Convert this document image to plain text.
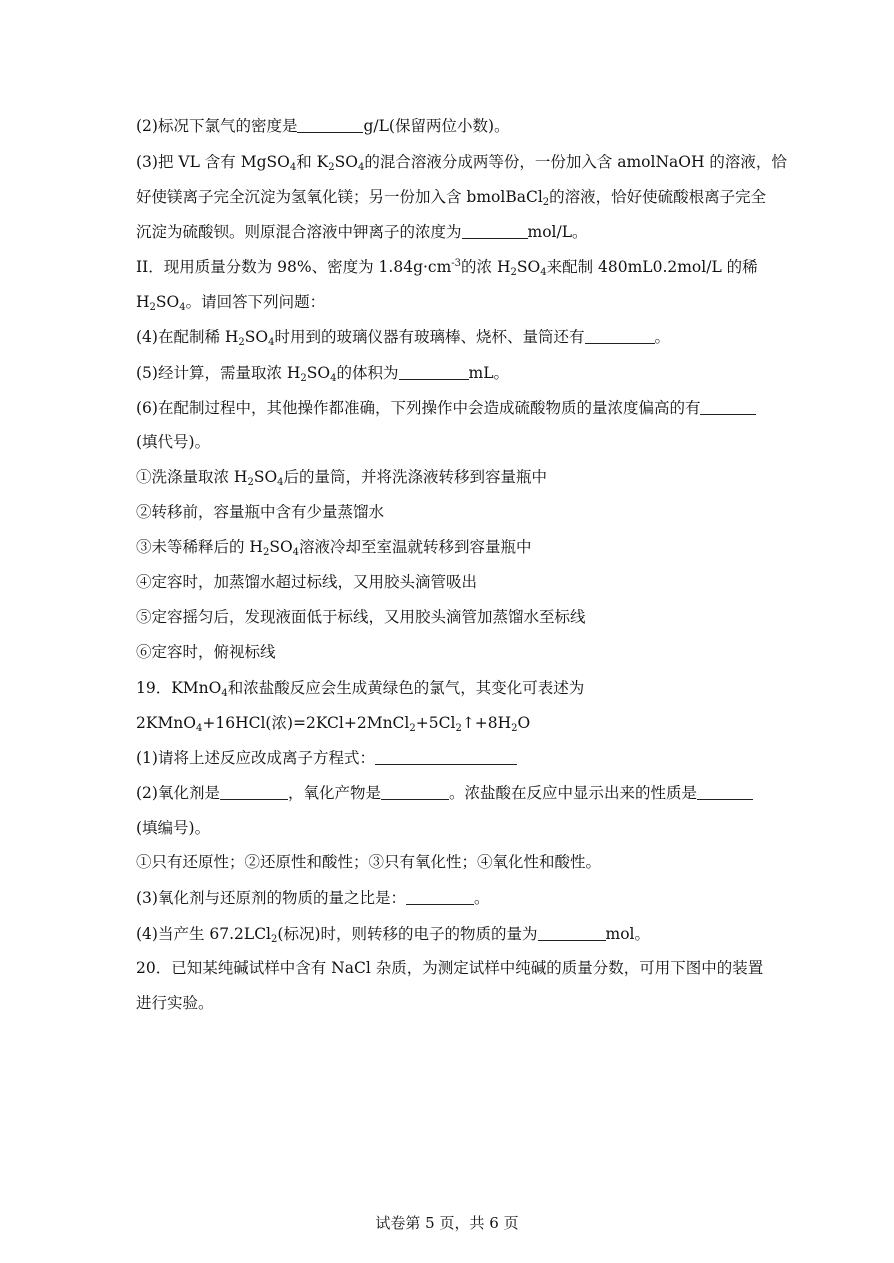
(2)标况下氯气的密度是	g/L(保留两位小数)。
(3)把 VL 含有 MgSO$_4$和 $K_2SO_4$的混合溶液分成两等份，一份加入含 amolNaOH 的溶液，恰
好使镁离子完全沉淀为氢氧化镁；另一份加入含 bmolBaCl$_2$的溶液，恰好使硫酸根离子完全
沉淀为硫酸钡。则原混合溶液中钾离子的浓度为	mol/L。
II．现用质量分数为 98%、密度为 $1.84g\cdot cm^{-3}$的浓 $H_2SO_4$来配制 480mL0.2mol/L 的稀
$H_2SO_4$。请回答下列问题：
(4)在配制稀 $H_2SO_4$时用到的玻璃仪器有玻璃棒、烧杯、量筒还有	。
(5)经计算，需量取浓 $H_2SO_4$的体积为	mL。
(6)在配制过程中，其他操作都准确，下列操作中会造成硫酸物质的量浓度偏高的有
(填代号)。
①洗涤量取浓 $H_2SO_4$后的量筒，并将洗涤液转移到容量瓶中
②转移前，容量瓶中含有少量蒸馏水
③未等稀释后的 $H_2SO_4$溶液冷却至室温就转移到容量瓶中
④定容时，加蒸馏水超过标线，又用胶头滴管吸出
⑤定容摇匀后，发现液面低于标线，又用胶头滴管加蒸馏水至标线
⑥定容时，俯视标线
19．KMnO$_4$和浓盐酸反应会生成黄绿色的氯气，其变化可表述为
2KMnO$_4$+16HCl(浓)$=2KCl+2MnCl_2+5Cl_2↑+8H_2O$
(1)请将上述反应改成离子方程式：
(2)氧化剂是	，氧化产物是	。浓盐酸在反应中显示出来的性质是
(填编号)。
①只有还原性；②还原性和酸性；③只有氧化性；④氧化性和酸性。
(3)氧化剂与还原剂的物质的量之比是：	。
(4)当产生 67.2LCl$_2$(标况)时，则转移的电子的物质的量为	mol。
20．已知某纯碱试样中含有 NaCl 杂质，为测定试样中纯碱的质量分数，可用下图中的装置
进行实验。
试卷第 5 页，共 6 页
